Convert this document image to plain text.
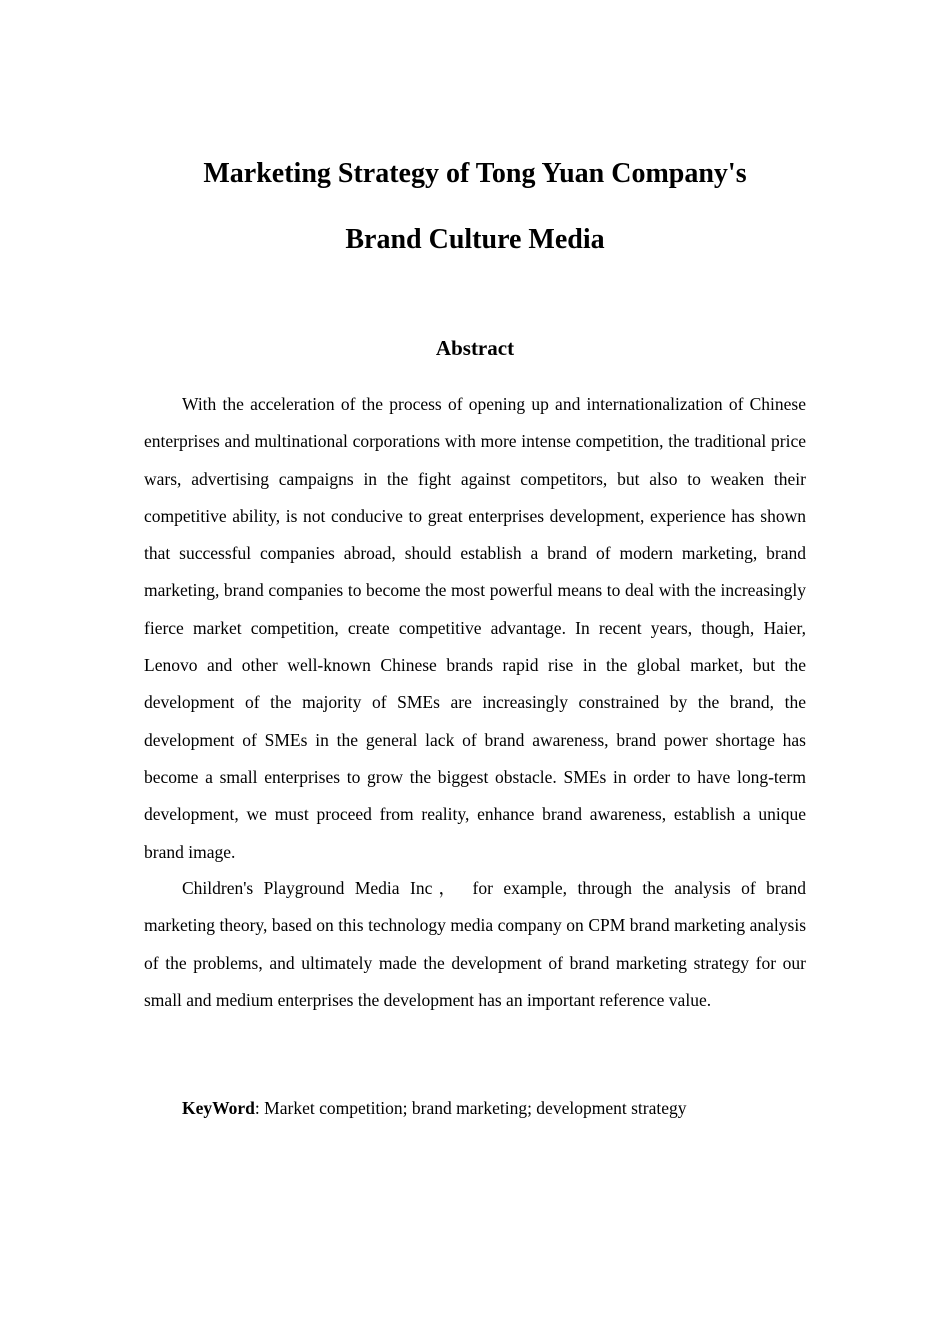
Marketing Strategy of Tong Yuan Company's
Brand Culture Media
Abstract

With the acceleration of the process of opening up and internationalization of Chinese enterprises and multinational corporations with more intense competition, the traditional price wars, advertising campaigns in the fight against competitors, but also to weaken their competitive ability, is not conducive to great enterprises development, experience has shown that successful companies abroad, should establish a brand of modern marketing, brand marketing, brand companies to become the most powerful means to deal with the increasingly fierce market competition, create competitive advantage. In recent years, though, Haier, Lenovo and other well-known Chinese brands rapid rise in the global market, but the development of the majority of SMEs are increasingly constrained by the brand, the development of SMEs in the general lack of brand awareness, brand power shortage has become a small enterprises to grow the biggest obstacle. SMEs in order to have long-term development, we must proceed from reality, enhance brand awareness, establish a unique brand image.

Children's Playground Media Inc， for example, through the analysis of brand marketing theory, based on this technology media company on CPM brand marketing analysis of the problems, and ultimately made the development of brand marketing strategy for our small and medium enterprises the development has an important reference value.

KeyWord: Market competition; brand marketing; development strategy
